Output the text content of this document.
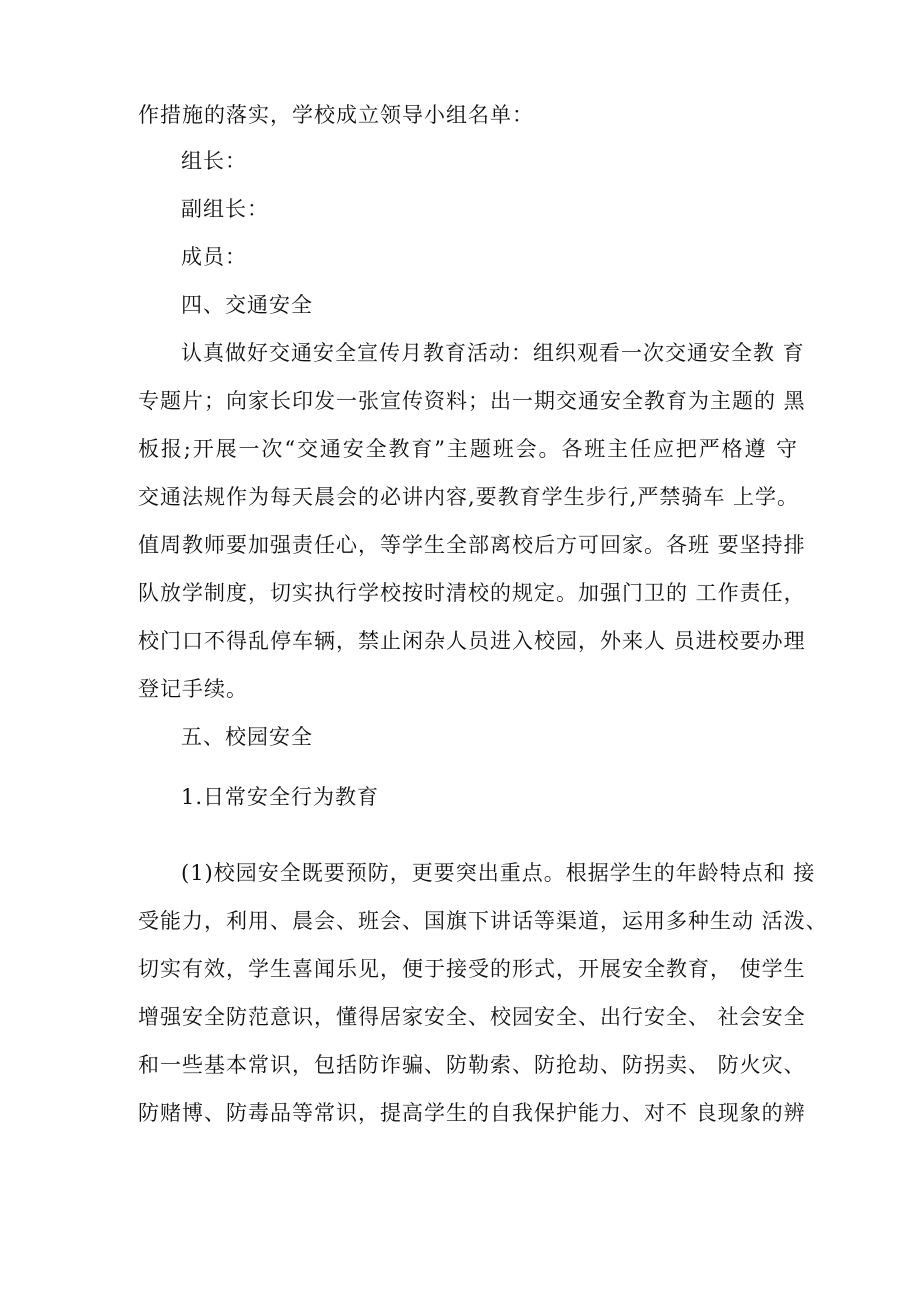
作措施的落实，学校成立领导小组名单：
组长：
副组长：
成员：
四、交通安全
认真做好交通安全宣传月教育活动：组织观看一次交通安全教 育
专题片；向家长印发一张宣传资料；出一期交通安全教育为主题的 黑
板报;开展一次“交通安全教育”主题班会。各班主任应把严格遵 守
交通法规作为每天晨会的必讲内容,要教育学生步行,严禁骑车 上学。
值周教师要加强责任心，等学生全部离校后方可回家。各班 要坚持排
队放学制度，切实执行学校按时清校的规定。加强门卫的 工作责任，
校门口不得乱停车辆，禁止闲杂人员进入校园，外来人 员进校要办理
登记手续。
五、校园安全
1.日常安全行为教育
(1)校园安全既要预防，更要突出重点。根据学生的年龄特点和 接
受能力，利用、晨会、班会、国旗下讲话等渠道，运用多种生动 活泼、
切实有效，学生喜闻乐见，便于接受的形式，开展安全教育， 使学生
增强安全防范意识，懂得居家安全、校园安全、出行安全、 社会安全
和一些基本常识，包括防诈骗、防勒索、防抢劫、防拐卖、 防火灾、
防赌博、防毒品等常识，提高学生的自我保护能力、对不 良现象的辨
